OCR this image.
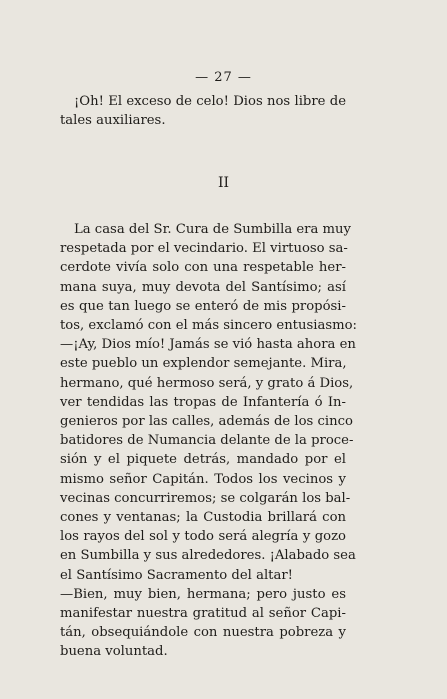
— 27 —
¡Oh! El exceso de celo! Dios nos libre de
tales auxiliares.
II
La casa del Sr. Cura de Sumbilla era muy
respetada por el vecindario. El virtuoso sa-
cerdote vivía solo con una respetable her-
mana suya, muy devota del Santísimo; así
es que tan luego se enteró de mis propósi-
tos, exclamó con el más sincero entusiasmo:
—¡Ay, Dios mío! Jamás se vió hasta ahora en
este pueblo un explendor semejante. Mira,
hermano, qué hermoso será, y grato á Dios,
ver tendidas las tropas de Infantería ó In-
genieros por las calles, además de los cinco
batidores de Numancia delante de la proce-
sión y el piquete detrás, mandado por el
mismo señor Capitán. Todos los vecinos y
vecinas concurriremos; se colgarán los bal-
cones y ventanas; la Custodia brillará con
los rayos del sol y todo será alegría y gozo
en Sumbilla y sus alrededores. ¡Alabado sea
el Santísimo Sacramento del altar!
—Bien, muy bien, hermana; pero justo es
manifestar nuestra gratitud al señor Capi-
tán, obsequiándole con nuestra pobreza y
buena voluntad.
